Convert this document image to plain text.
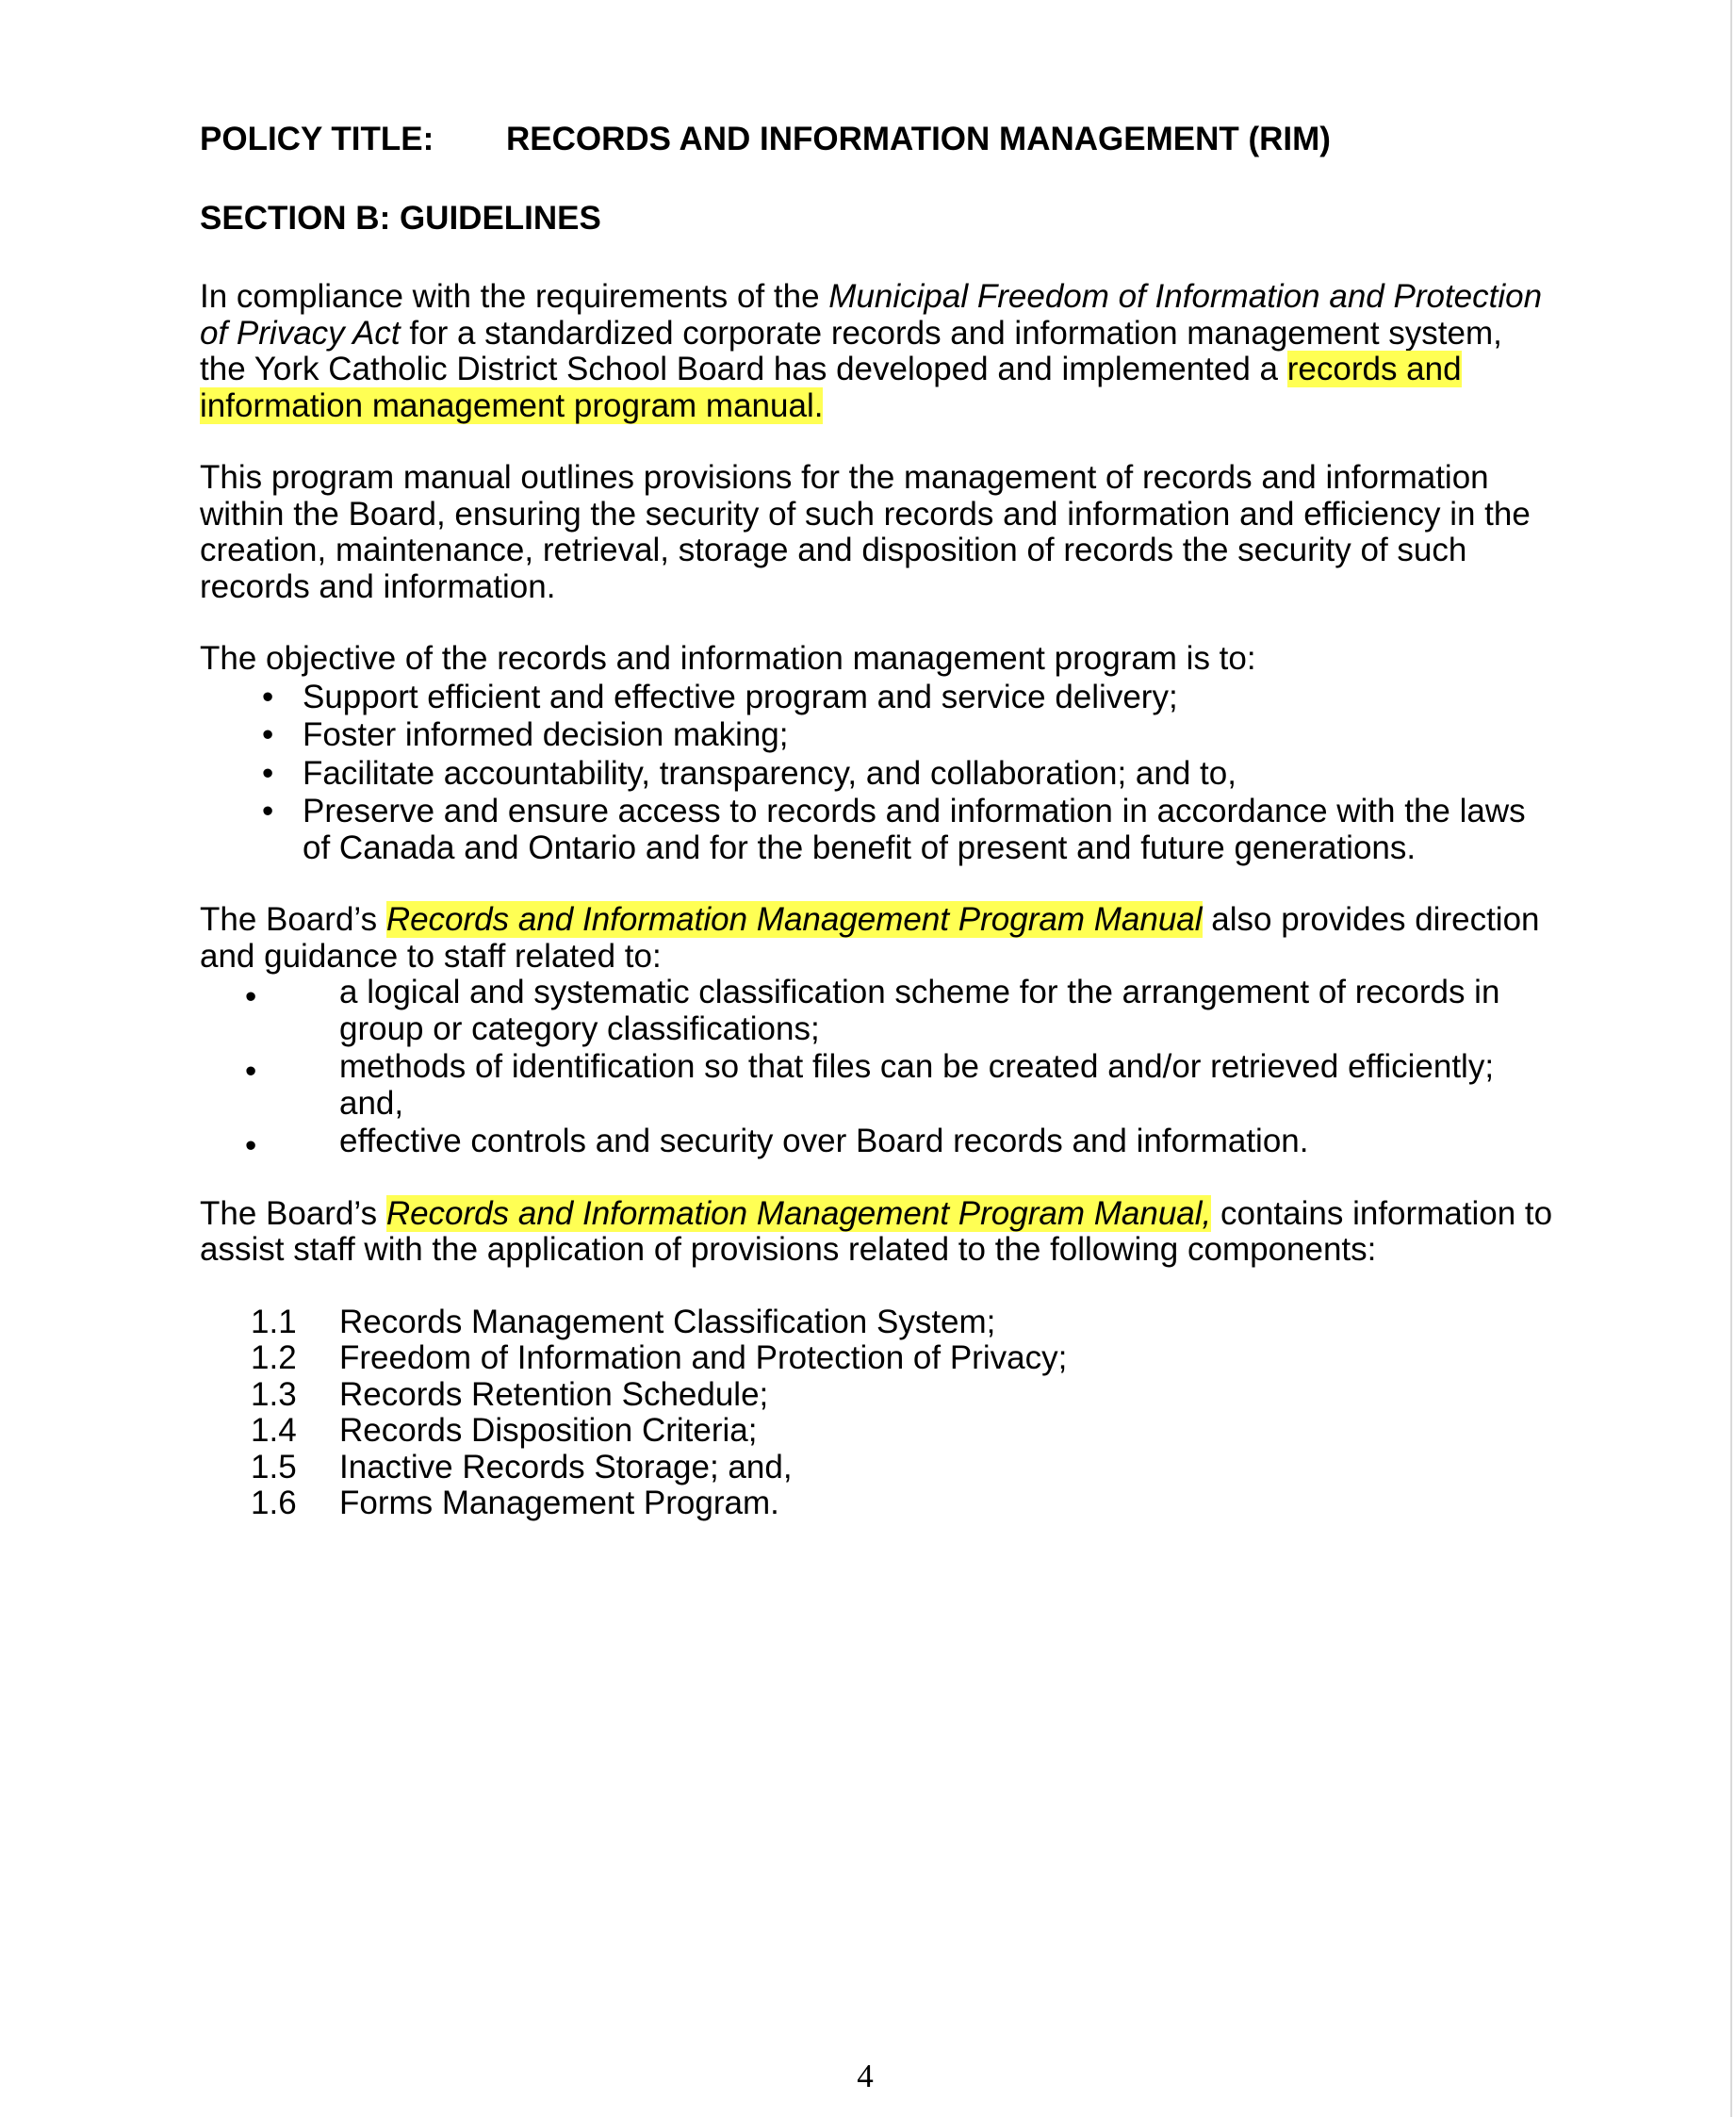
POLICY TITLE: RECORDS AND INFORMATION MANAGEMENT (RIM)
SECTION B: GUIDELINES

In compliance with the requirements of the Municipal Freedom of Information and Protection of Privacy Act for a standardized corporate records and information management system, the York Catholic District School Board has developed and implemented a records and information management program manual.

This program manual outlines provisions for the management of records and information within the Board, ensuring the security of such records and information and efficiency in the creation, maintenance, retrieval, storage and disposition of records the security of such records and information.

The objective of the records and information management program is to:

• Support efficient and effective program and service delivery;
• Foster informed decision making;
• Facilitate accountability, transparency, and collaboration; and to,
• Preserve and ensure access to records and information in accordance with the laws of Canada and Ontario and for the benefit of present and future generations.

The Board’s Records and Information Management Program Manual also provides direction and guidance to staff related to:

•	a logical and systematic classification scheme for the arrangement of records in group or category classifications;
•	methods of identification so that files can be created and/or retrieved efficiently; and,
•	effective controls and security over Board records and information.

The Board’s Records and Information Management Program Manual, contains information to assist staff with the application of provisions related to the following components:

1.1 Records Management Classification System;
1.2 Freedom of Information and Protection of Privacy;
1.3 Records Retention Schedule;
1.4 Records Disposition Criteria;
1.5 Inactive Records Storage; and,
1.6 Forms Management Program.
4
